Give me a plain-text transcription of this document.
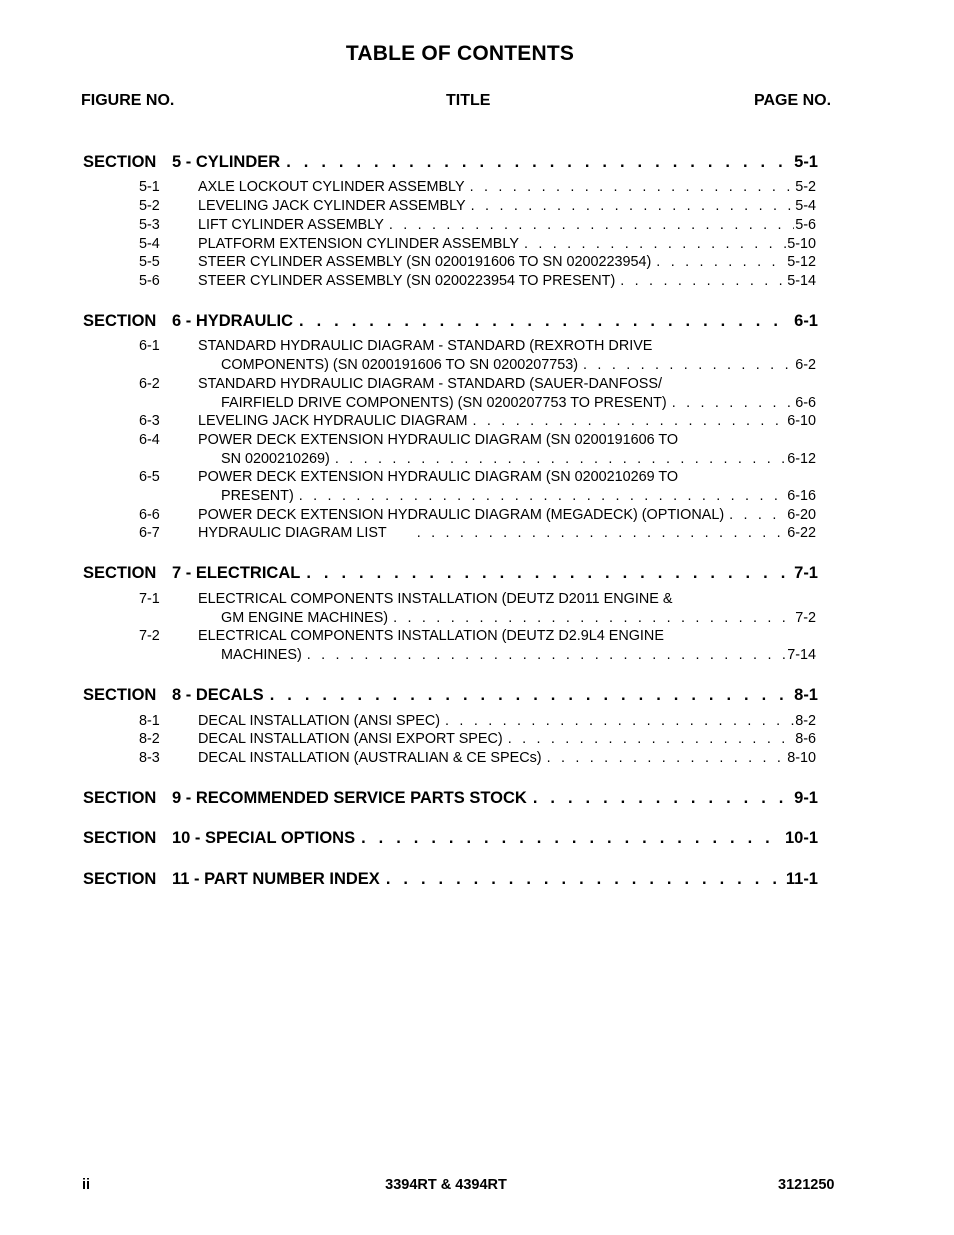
TABLE OF CONTENTS
FIGURE NO.	TITLE	PAGE NO.
SECTION 5 - CYLINDER . . .	5-1
5-1	AXLE LOCKOUT CYLINDER ASSEMBLY . . .	5-2
5-2	LEVELING JACK CYLINDER ASSEMBLY . . .	5-4
5-3	LIFT CYLINDER ASSEMBLY . . .	5-6
5-4	PLATFORM EXTENSION CYLINDER ASSEMBLY . . .	5-10
5-5	STEER CYLINDER ASSEMBLY (SN 0200191606 TO SN 0200223954) . . .	5-12
5-6	STEER CYLINDER ASSEMBLY (SN 0200223954 TO PRESENT) . . .	5-14
SECTION 6 - HYDRAULIC . . .	6-1
6-1	STANDARD HYDRAULIC DIAGRAM - STANDARD (REXROTH DRIVE
COMPONENTS) (SN 0200191606 TO SN 0200207753) . . .	6-2
6-2	STANDARD HYDRAULIC DIAGRAM - STANDARD (SAUER-DANFOSS/
FAIRFIELD DRIVE COMPONENTS) (SN 0200207753 TO PRESENT) . . .	6-6
6-3	LEVELING JACK HYDRAULIC DIAGRAM . . .	6-10
6-4	POWER DECK EXTENSION HYDRAULIC DIAGRAM (SN 0200191606 TO
SN 0200210269) . . .	6-12
6-5	POWER DECK EXTENSION HYDRAULIC DIAGRAM (SN 0200210269 TO
PRESENT) . . .	6-16
6-6	POWER DECK EXTENSION HYDRAULIC DIAGRAM (MEGADECK) (OPTIONAL) . . .	6-20
6-7	HYDRAULIC DIAGRAM LIST . . .	6-22
SECTION 7 - ELECTRICAL . . .	7-1
7-1	ELECTRICAL COMPONENTS INSTALLATION (DEUTZ D2011 ENGINE &
GM ENGINE MACHINES) . . .	7-2
7-2	ELECTRICAL COMPONENTS INSTALLATION (DEUTZ D2.9L4 ENGINE
MACHINES) . . .	7-14
SECTION 8 - DECALS . . .	8-1
8-1	DECAL INSTALLATION (ANSI SPEC) . . .	8-2
8-2	DECAL INSTALLATION (ANSI EXPORT SPEC) . . .	8-6
8-3	DECAL INSTALLATION (AUSTRALIAN & CE SPECs) . . .	8-10
SECTION 9 - RECOMMENDED SERVICE PARTS STOCK . . .	9-1
SECTION 10 - SPECIAL OPTIONS . . .	10-1
SECTION 11 - PART NUMBER INDEX . . .	11-1
ii	3394RT & 4394RT	3121250
